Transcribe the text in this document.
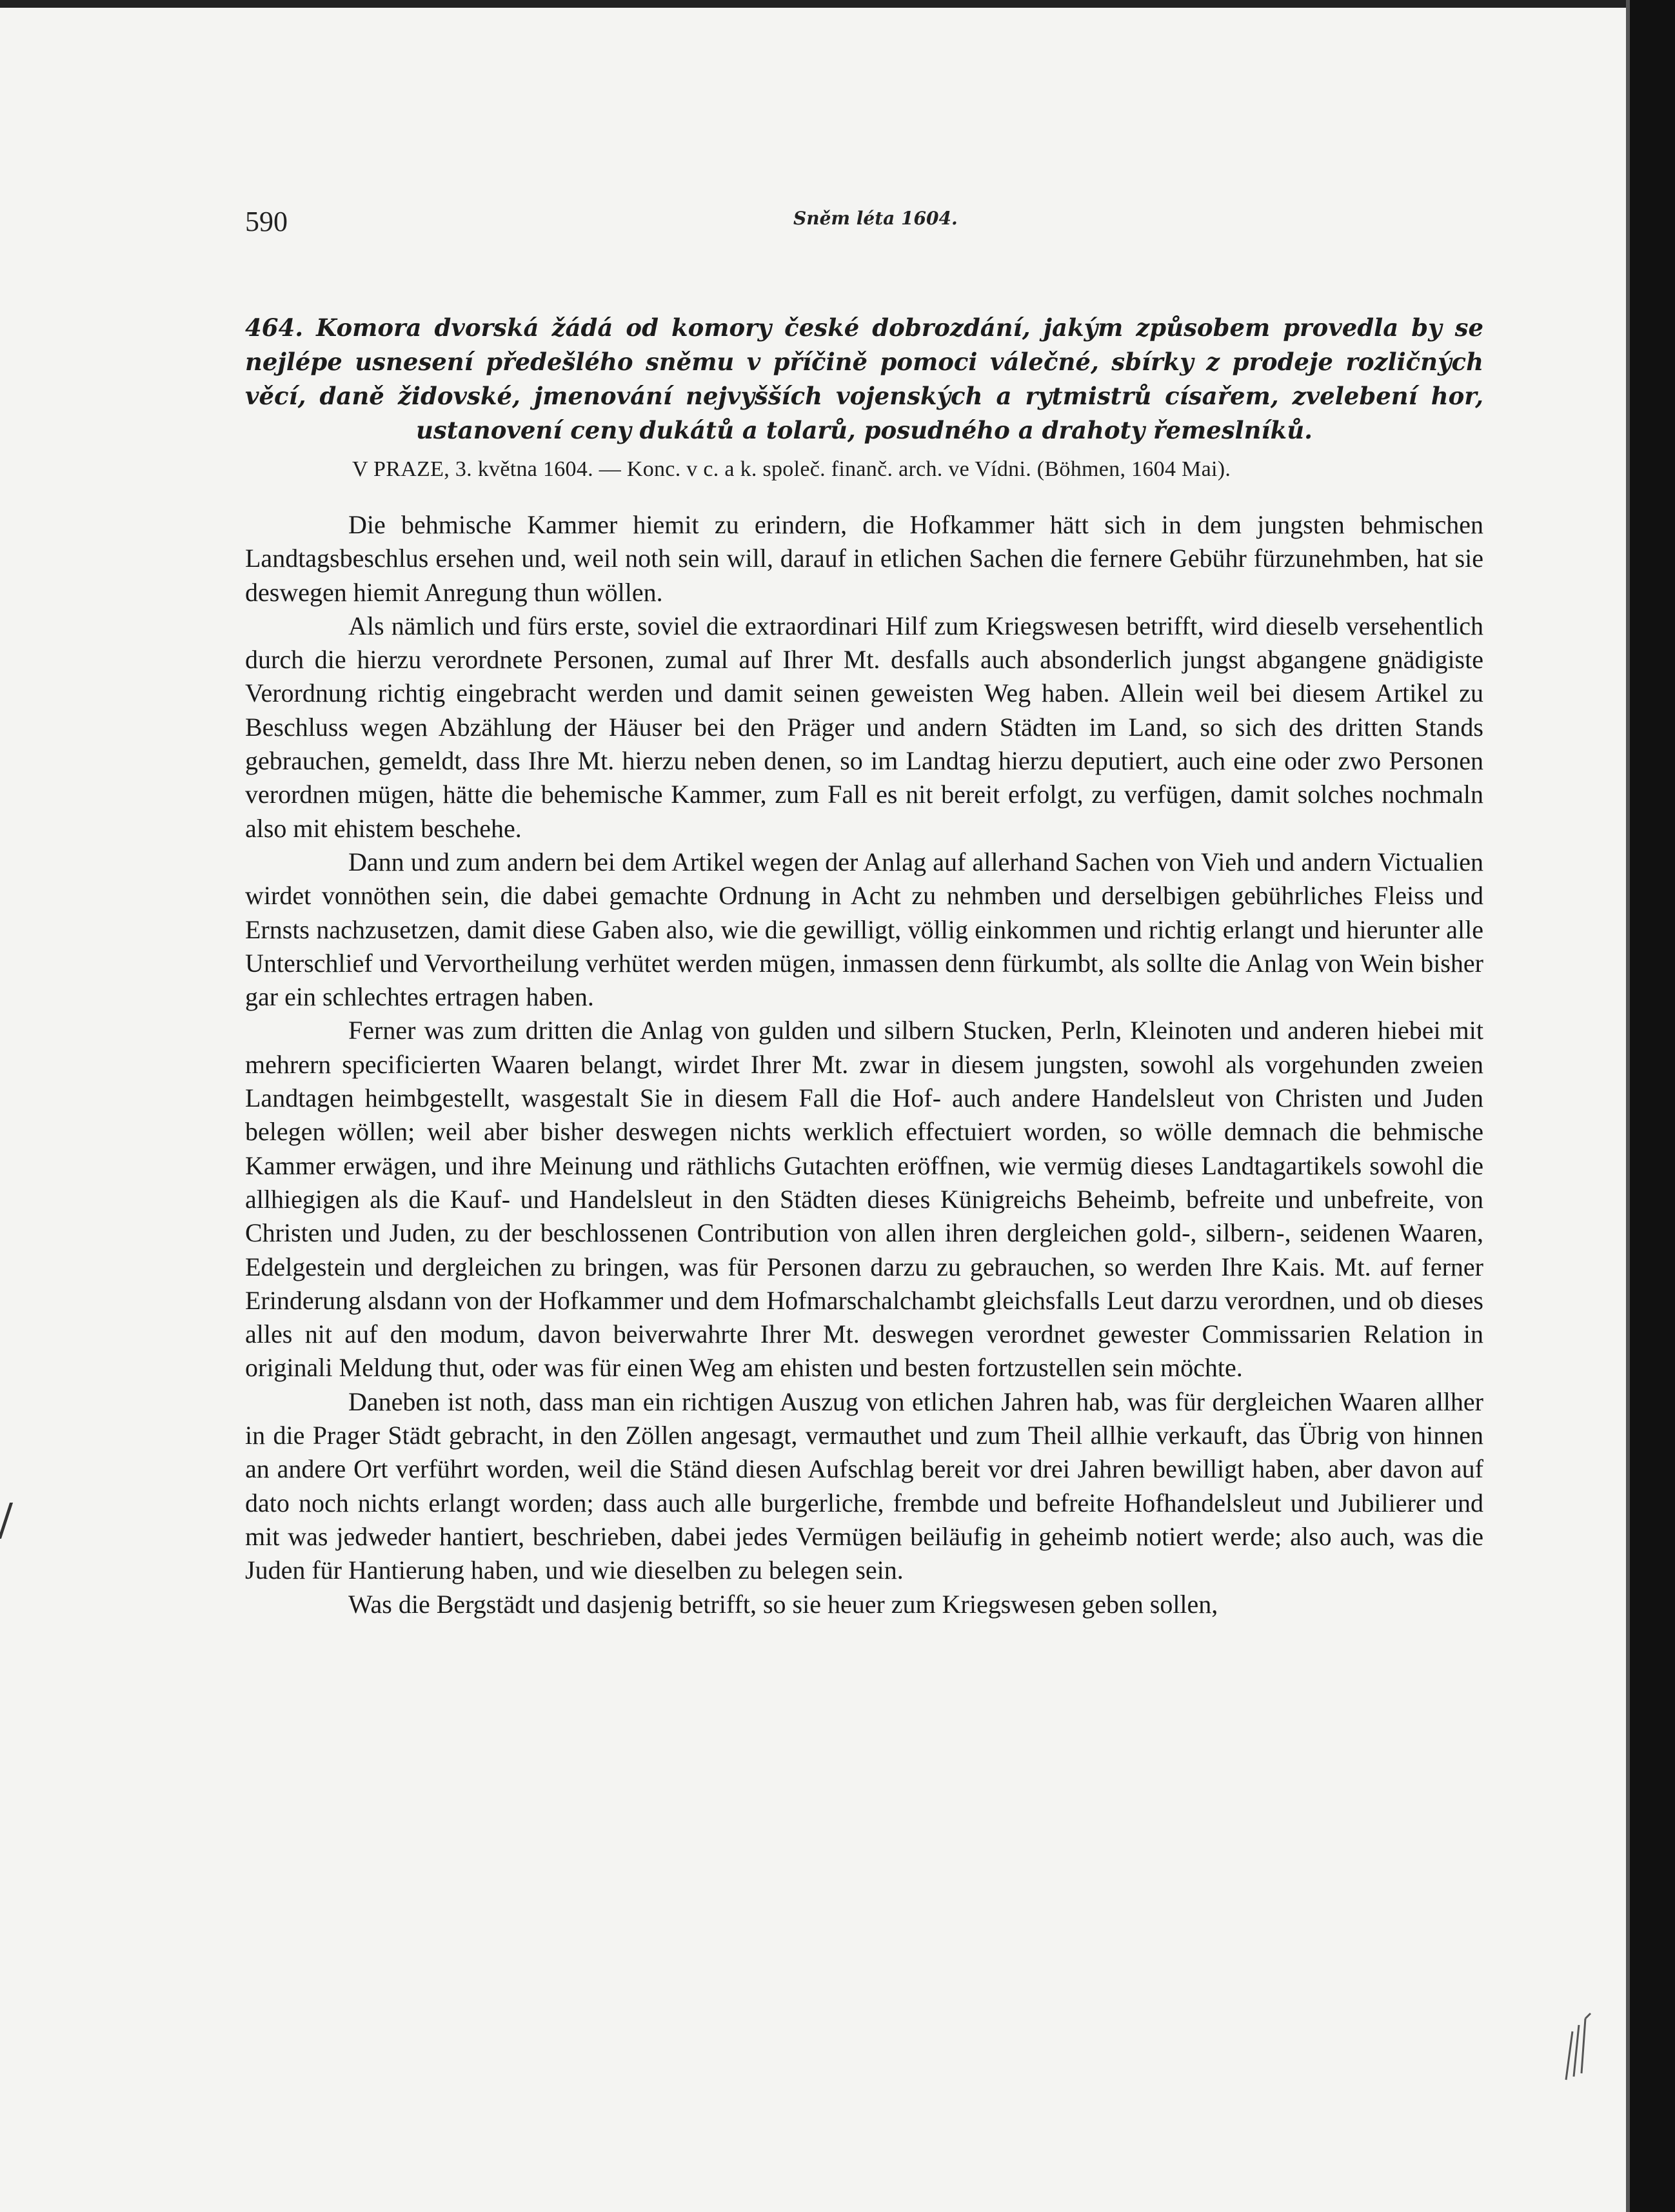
590	Sněm léta 1604.
464. Komora dvorská žádá od komory české dobrozdání, jakým způsobem provedla by se nejlépe usnesení předešlého sněmu v příčině pomoci válečné, sbírky z prodeje rozličných věcí, daně židovské, jmenování nejvyšších vojenských a rytmistrů císařem, zvelebení hor, ustanovení ceny dukátů a tolarů, posudného a drahoty řemeslníků.
V PRAZE, 3. května 1604. — Konc. v c. a k. společ. finanč. arch. ve Vídni. (Böhmen, 1604 Mai).

Die behmische Kammer hiemit zu erindern, die Hofkammer hätt sich in dem jungsten behmischen Landtagsbeschlus ersehen und, weil noth sein will, darauf in etlichen Sachen die fernere Gebühr fürzunehmben, hat sie deswegen hiemit Anregung thun wöllen.

Als nämlich und fürs erste, soviel die extraordinari Hilf zum Kriegswesen betrifft, wird dieselb versehentlich durch die hierzu verordnete Personen, zumal auf Ihrer Mt. desfalls auch absonderlich jungst abgangene gnädigiste Verordnung richtig eingebracht werden und damit seinen geweisten Weg haben. Allein weil bei diesem Artikel zu Beschluss wegen Abzählung der Häuser bei den Präger und andern Städten im Land, so sich des dritten Stands gebrauchen, gemeldt, dass Ihre Mt. hierzu neben denen, so im Landtag hierzu deputiert, auch eine oder zwo Personen verordnen mügen, hätte die behemische Kammer, zum Fall es nit bereit erfolgt, zu verfügen, damit solches nochmaln also mit ehistem beschehe.

Dann und zum andern bei dem Artikel wegen der Anlag auf allerhand Sachen von Vieh und andern Victualien wirdet vonnöthen sein, die dabei gemachte Ordnung in Acht zu nehmben und derselbigen gebührliches Fleiss und Ernsts nachzusetzen, damit diese Gaben also, wie die gewilligt, völlig einkommen und richtig erlangt und hierunter alle Unterschlief und Vervortheilung verhütet werden mügen, inmassen denn fürkumbt, als sollte die Anlag von Wein bisher gar ein schlechtes ertragen haben.

Ferner was zum dritten die Anlag von gulden und silbern Stucken, Perln, Kleinoten und anderen hiebei mit mehrern specificierten Waaren belangt, wirdet Ihrer Mt. zwar in diesem jungsten, sowohl als vorgehunden zweien Landtagen heimbgestellt, wasgestalt Sie in diesem Fall die Hof- auch andere Handelsleut von Christen und Juden belegen wöllen; weil aber bisher deswegen nichts werklich effectuiert worden, so wölle demnach die behmische Kammer erwägen, und ihre Meinung und räthlichs Gutachten eröffnen, wie vermüg dieses Landtagartikels sowohl die allhiegigen als die Kauf- und Handelsleut in den Städten dieses Künigreichs Beheimb, befreite und unbefreite, von Christen und Juden, zu der beschlossenen Contribution von allen ihren dergleichen gold-, silbern-, seidenen Waaren, Edelgestein und dergleichen zu bringen, was für Personen darzu zu gebrauchen, so werden Ihre Kais. Mt. auf ferner Erinderung alsdann von der Hofkammer und dem Hofmarschalchambt gleichsfalls Leut darzu verordnen, und ob dieses alles nit auf den modum, davon beiverwahrte Ihrer Mt. deswegen verordnet gewester Commissarien Relation in originali Meldung thut, oder was für einen Weg am ehisten und besten fortzustellen sein möchte.

Daneben ist noth, dass man ein richtigen Auszug von etlichen Jahren hab, was für dergleichen Waaren allher in die Prager Städt gebracht, in den Zöllen angesagt, vermauthet und zum Theil allhie verkauft, das Übrig von hinnen an andere Ort verführt worden, weil die Ständ diesen Aufschlag bereit vor drei Jahren bewilligt haben, aber davon auf dato noch nichts erlangt worden; dass auch alle burgerliche, frembde und befreite Hofhandelsleut und Jubilierer und mit was jedweder hantiert, beschrieben, dabei jedes Vermügen beiläufig in geheimb notiert werde; also auch, was die Juden für Hantierung haben, und wie dieselben zu belegen sein.

Was die Bergstädt und dasjenig betrifft, so sie heuer zum Kriegswesen geben sollen,
